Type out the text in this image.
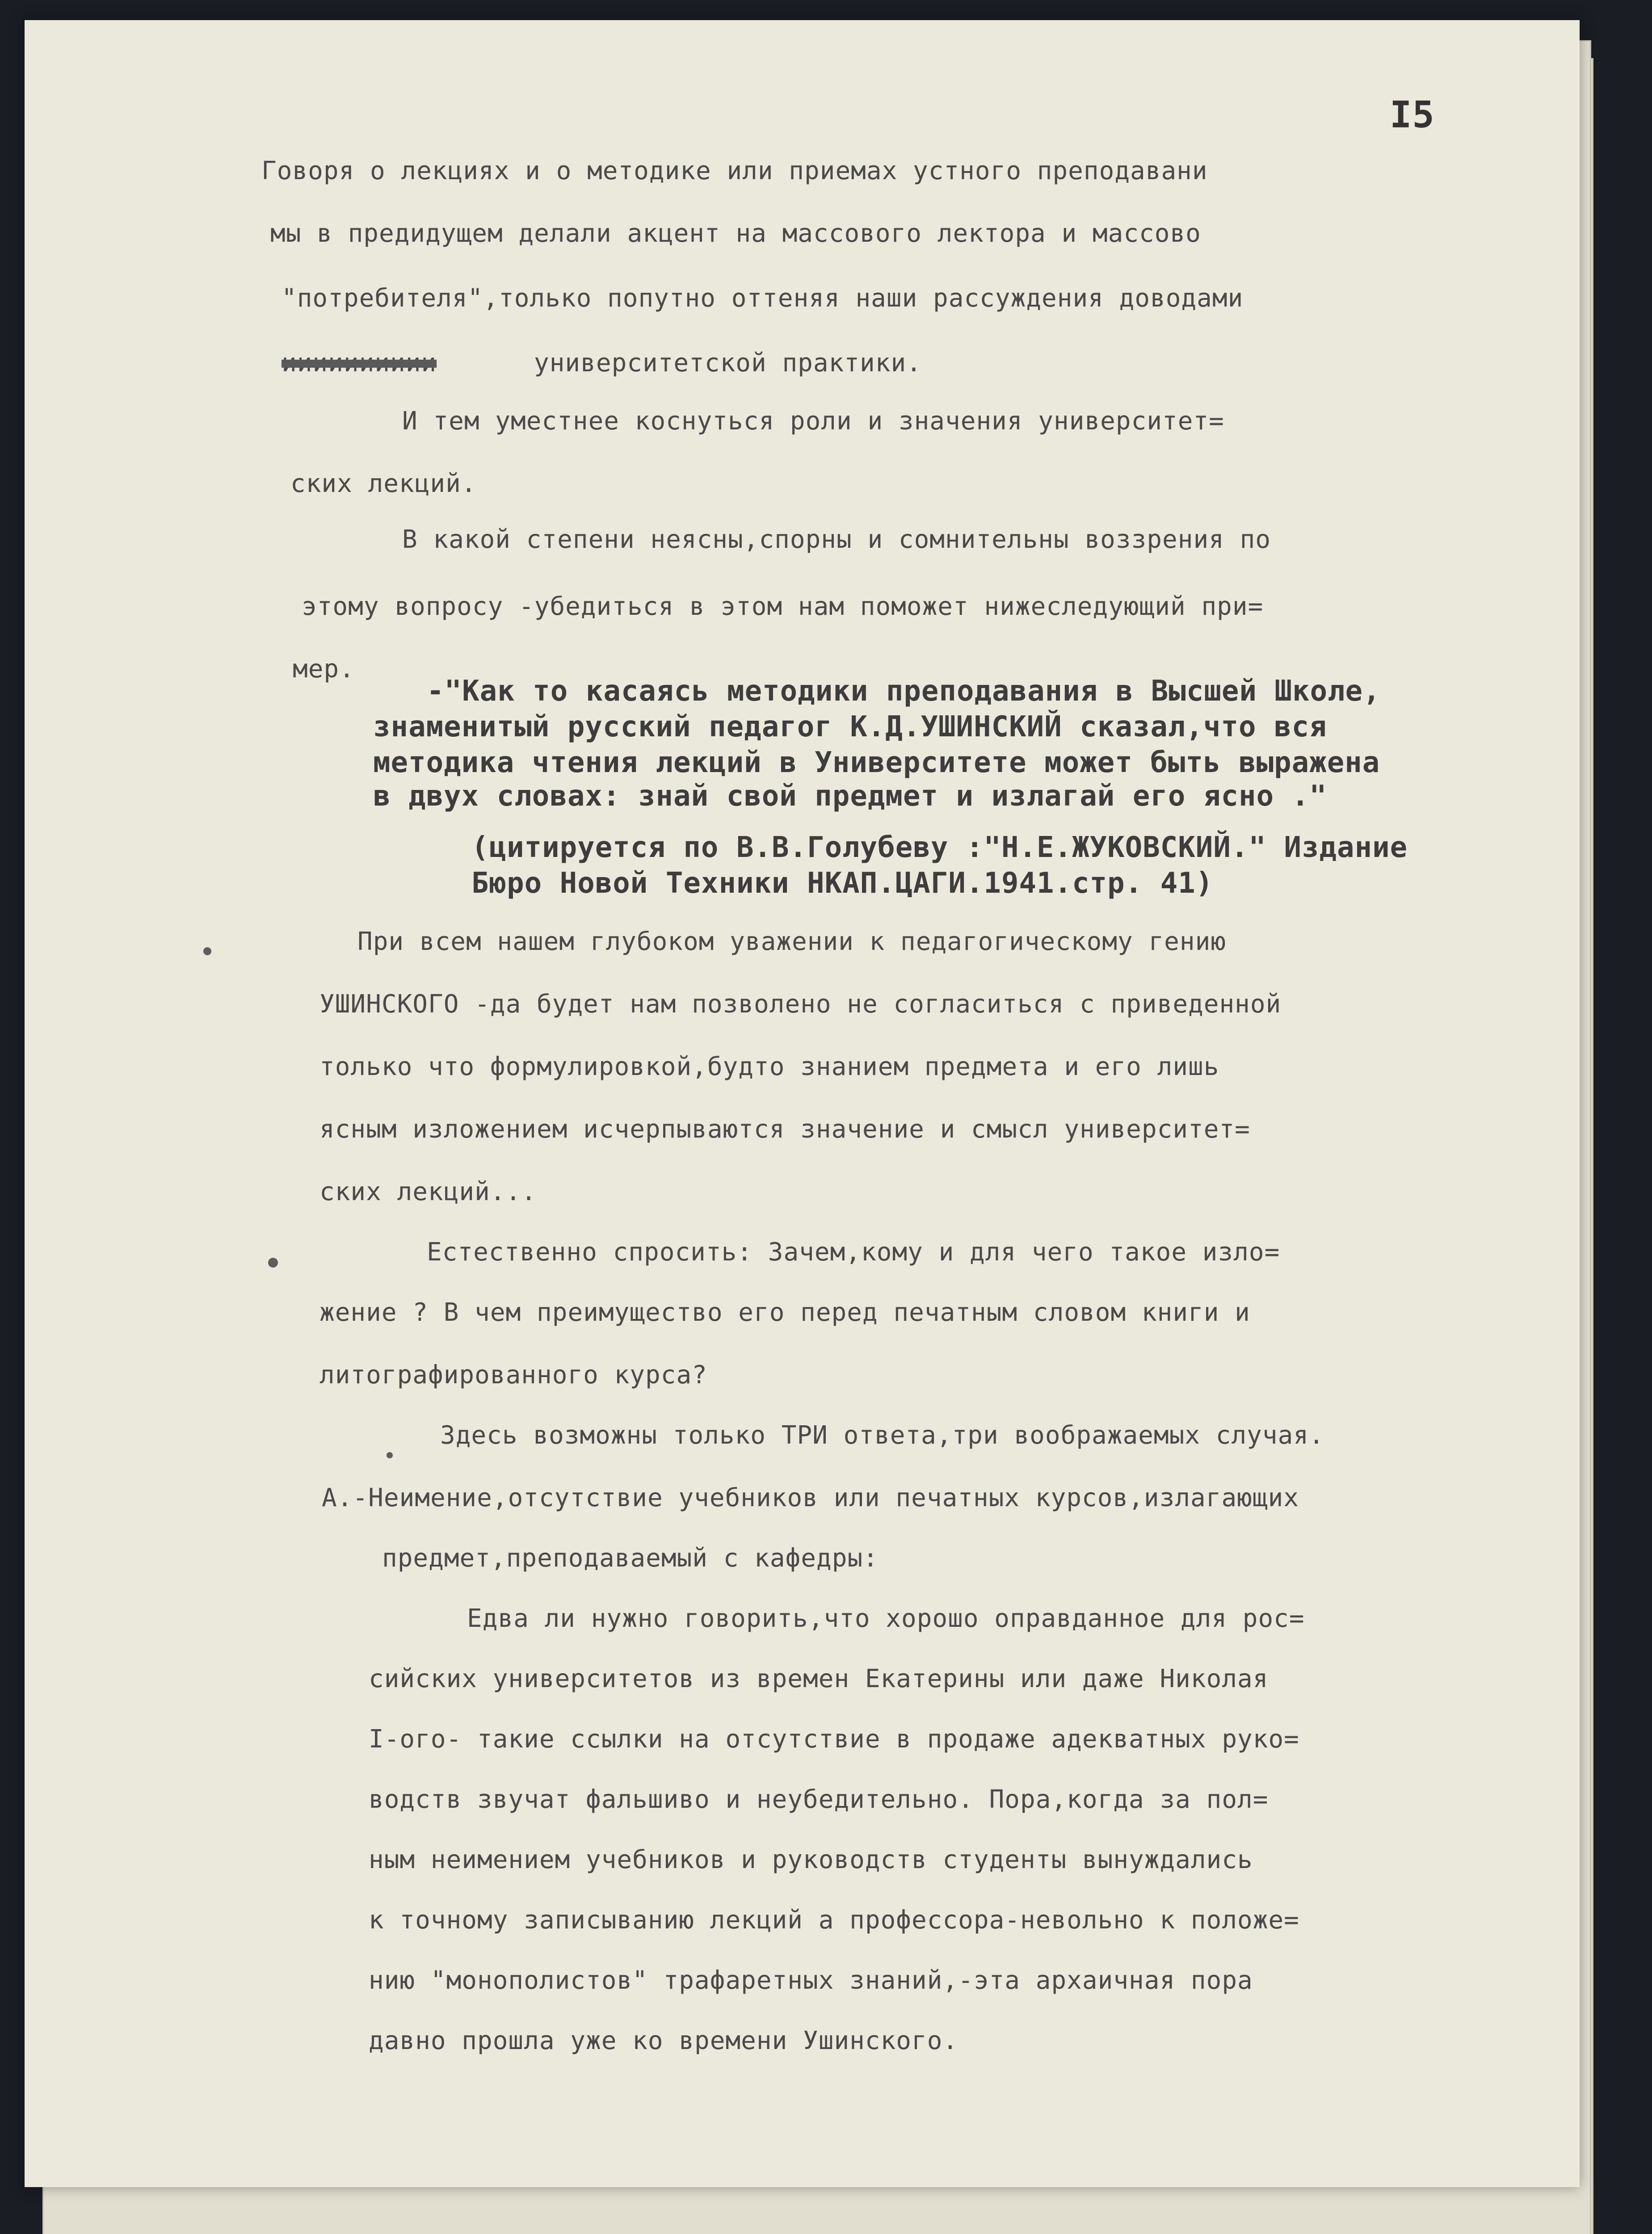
I5
Говоря о лекциях и о методике или приемах устного преподавани
мы в предидущем делали акцент на массового лектора и массово
"потребителя",только попутно оттеняя наши рассуждения доводами
ииииииииии	университетской практики.
И тем уместнее коснуться роли и значения университет=
ских лекций.
В какой степени неясны,спорны и сомнительны воззрения по
этому вопросу -убедиться в этом нам поможет нижеследующий при=
мер.
-"Как то касаясь методики преподавания в Высшей Школе,
знаменитый русский педагог К.Д.УШИНСКИЙ сказал,что вся
методика чтения лекций в Университете может быть выражена
в двух словах: знай свой предмет и излагай его ясно ."
(цитируется по В.В.Голубеву :"Н.Е.ЖУКОВСКИЙ." Издание
Бюро Новой Техники НКАП.ЦАГИ.1941.стр. 41)
При всем нашем глубоком уважении к педагогическому гению
УШИНСКОГО -да будет нам позволено не согласиться с приведенной
только что формулировкой,будто знанием предмета и его лишь
ясным изложением исчерпываются значение и смысл университет=
ских лекций...
Естественно спросить: Зачем,кому и для чего такое изло=
жение ? В чем преимущество его перед печатным словом книги и
литографированного курса?
Здесь возможны только ТРИ ответа,три воображаемых случая.
А.-Неимение,отсутствие учебников или печатных курсов,излагающих
предмет,преподаваемый с кафедры:
Едва ли нужно говорить,что хорошо оправданное для рос=
сийских университетов из времен Екатерины или даже Николая
I-ого- такие ссылки на отсутствие в продаже адекватных руко=
водств звучат фальшиво и неубедительно. Пора,когда за пол=
ным неимением учебников и руководств студенты вынуждались
к точному записыванию лекций а профессора-невольно к положе=
нию "монополистов" трафаретных знаний,-эта архаичная пора
давно прошла уже ко времени Ушинского.
